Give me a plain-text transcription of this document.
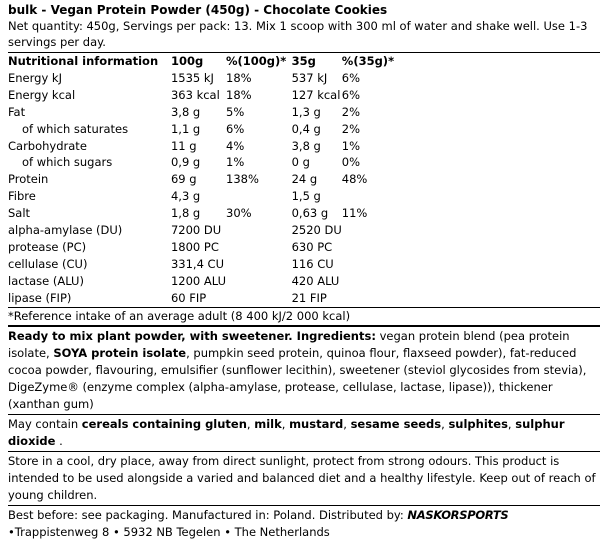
bulk - Vegan Protein Powder (450g) - Chocolate Cookies
Net quantity: 450g, Servings per pack: 13. Mix 1 scoop with 300 ml of water and shake well. Use 1-3 servings per day.
Nutritional information	100g	%(100g)*	35g	%(35g)*
Energy kJ	1535 kJ	18%	537 kJ	6%
Energy kcal	363 kcal	18%	127 kcal	6%
Fat	3,8 g	5%	1,3 g	2%
of which saturates	1,1 g	6%	0,4 g	2%
Carbohydrate	11 g	4%	3,8 g	1%
of which sugars	0,9 g	1%	0 g	0%
Protein	69 g	138%	24 g	48%
Fibre	4,3 g		1,5 g	
Salt	1,8 g	30%	0,63 g	11%
alpha-amylase (DU)	7200 DU		2520 DU	
protease (PC)	1800 PC		630 PC	
cellulase (CU)	331,4 CU		116 CU	
lactase (ALU)	1200 ALU		420 ALU	
lipase (FIP)	60 FIP		21 FIP	
*Reference intake of an average adult (8 400 kJ/2 000 kcal)
Ready to mix plant powder, with sweetener. Ingredients: vegan protein blend (pea protein isolate, SOYA protein isolate, pumpkin seed protein, quinoa flour, flaxseed powder), fat-reduced cocoa powder, flavouring, emulsifier (sunflower lecithin), sweetener (steviol glycosides from stevia), DigeZyme® (enzyme complex (alpha-amylase, protease, cellulase, lactase, lipase)), thickener (xanthan gum)
May contain cereals containing gluten, milk, mustard, sesame seeds, sulphites, sulphur dioxide .
Store in a cool, dry place, away from direct sunlight, protect from strong odours. This product is intended to be used alongside a varied and balanced diet and a healthy lifestyle. Keep out of reach of young children.
Best before: see packaging. Manufactured in: Poland. Distributed by: NASKORSPORTS
•Trappistenweg 8 • 5932 NB Tegelen • The Netherlands
